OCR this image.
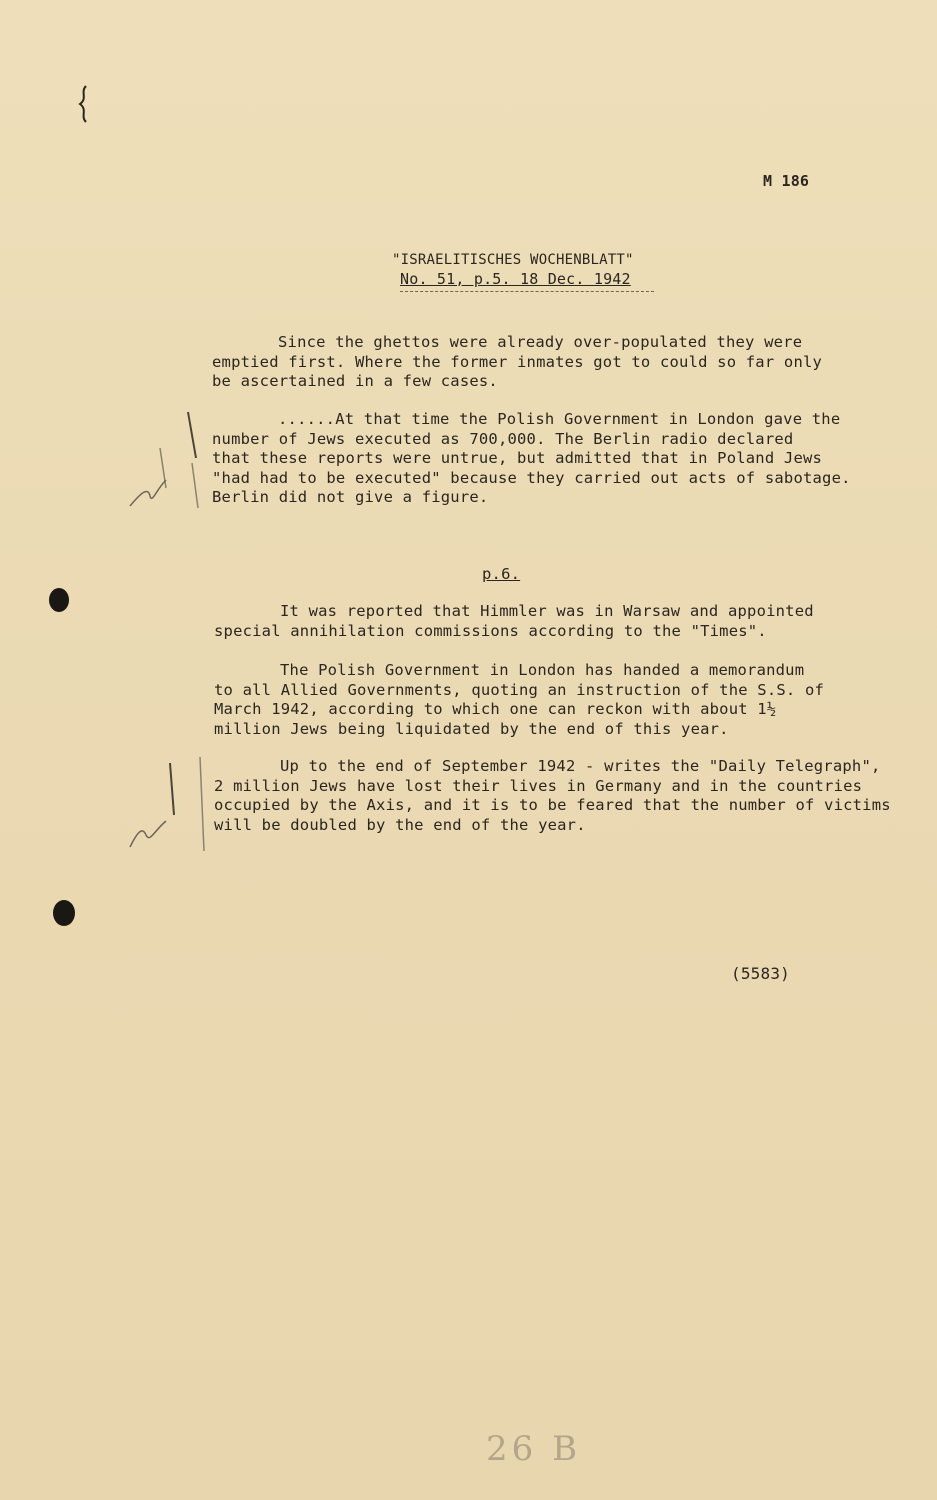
M 186
"ISRAELITISCHES WOCHENBLATT"
No. 51, p.5. 18 Dec. 1942
Since the ghettos were already over-populated they were
emptied first. Where the former inmates got to could so far only
be ascertained in a few cases.
......At that time the Polish Government in London gave the
number of Jews executed as 700,000. The Berlin radio declared
that these reports were untrue, but admitted that in Poland Jews
"had had to be executed" because they carried out acts of sabotage.
Berlin did not give a figure.
p.6.
It was reported that Himmler was in Warsaw and appointed
special annihilation commissions according to the "Times".
The Polish Government in London has handed a memorandum
to all Allied Governments, quoting an instruction of the S.S. of
March 1942, according to which one can reckon with about 1½
million Jews being liquidated by the end of this year.
Up to the end of September 1942 - writes the "Daily Telegraph",
2 million Jews have lost their lives in Germany and in the countries
occupied by the Axis, and it is to be feared that the number of victims
will be doubled by the end of the year.
(5583)
26 B
